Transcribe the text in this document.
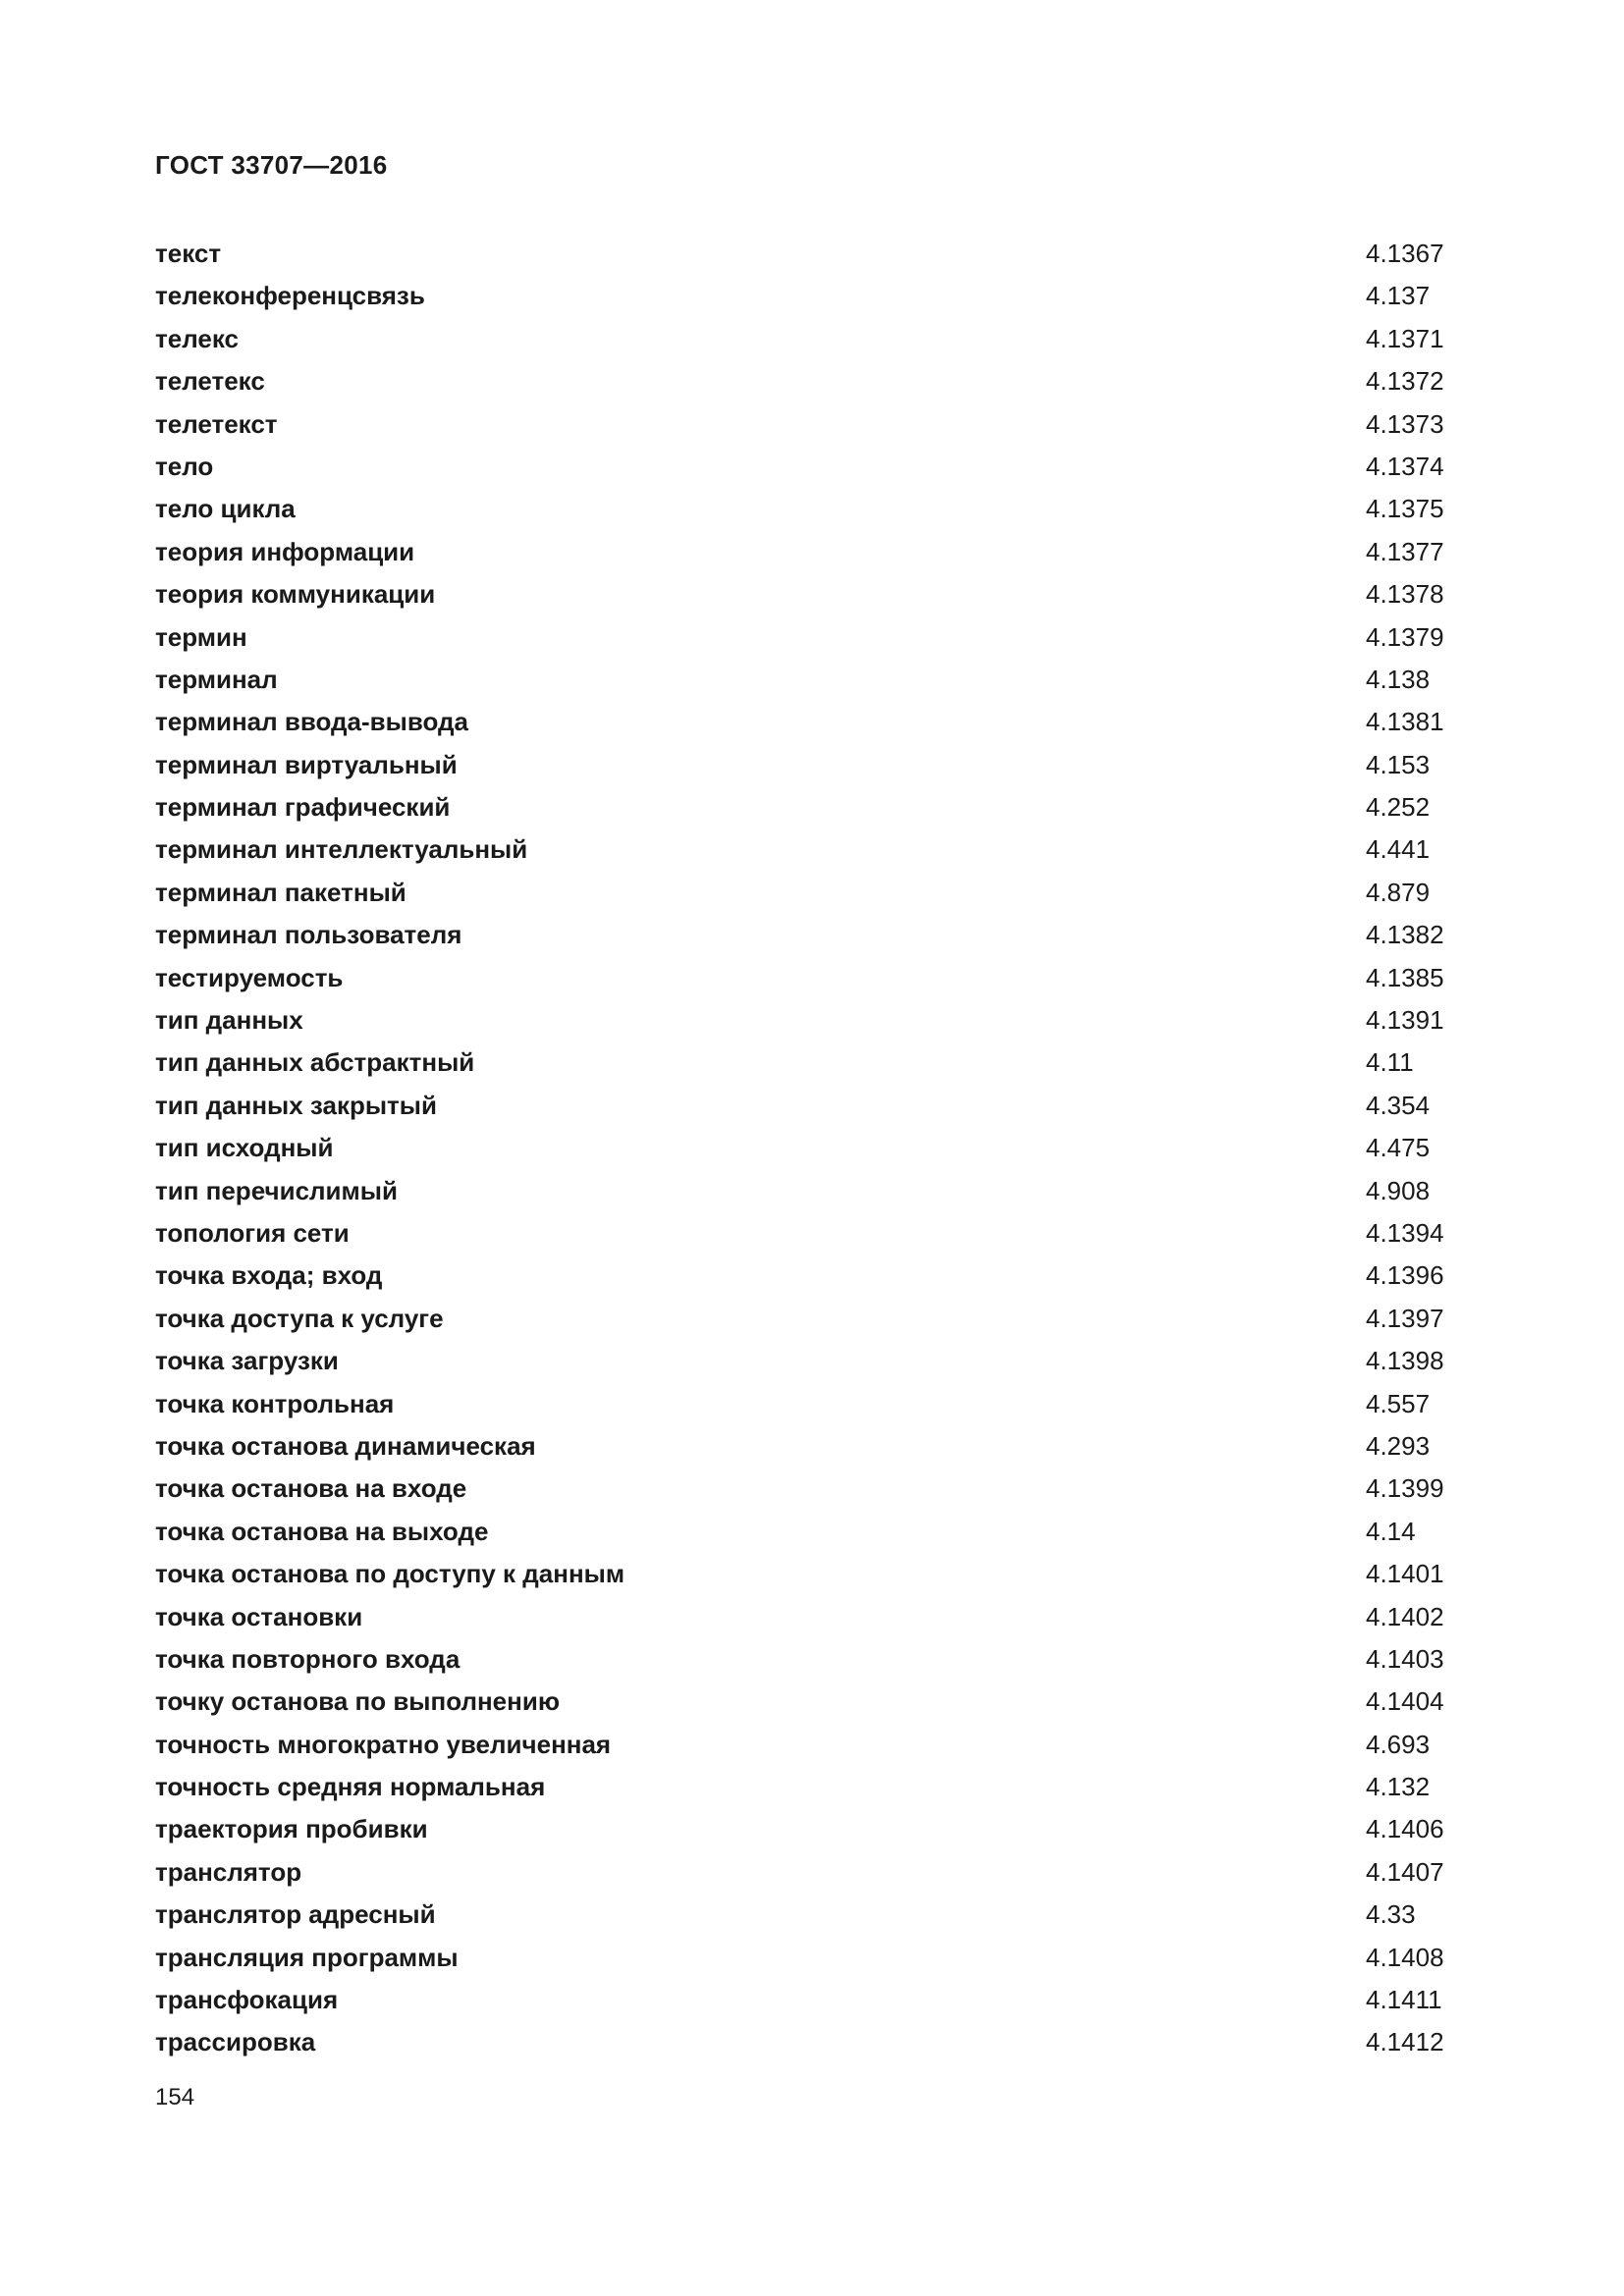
ГОСТ 33707—2016
текст	4.1367
телеконференцсвязь	4.137
телекс	4.1371
телетекс	4.1372
телетекст	4.1373
тело	4.1374
тело цикла	4.1375
теория информации	4.1377
теория коммуникации	4.1378
термин	4.1379
терминал	4.138
терминал ввода-вывода	4.1381
терминал виртуальный	4.153
терминал графический	4.252
терминал интеллектуальный	4.441
терминал пакетный	4.879
терминал пользователя	4.1382
тестируемость	4.1385
тип данных	4.1391
тип данных абстрактный	4.11
тип данных закрытый	4.354
тип исходный	4.475
тип перечислимый	4.908
топология сети	4.1394
точка входа; вход	4.1396
точка доступа к услуге	4.1397
точка загрузки	4.1398
точка контрольная	4.557
точка останова динамическая	4.293
точка останова на входе	4.1399
точка останова на выходе	4.14
точка останова по доступу к данным	4.1401
точка остановки	4.1402
точка повторного входа	4.1403
точку останова по выполнению	4.1404
точность многократно увеличенная	4.693
точность средняя нормальная	4.132
траектория пробивки	4.1406
транслятор	4.1407
транслятор адресный	4.33
трансляция программы	4.1408
трансфокация	4.1411
трассировка	4.1412
154
